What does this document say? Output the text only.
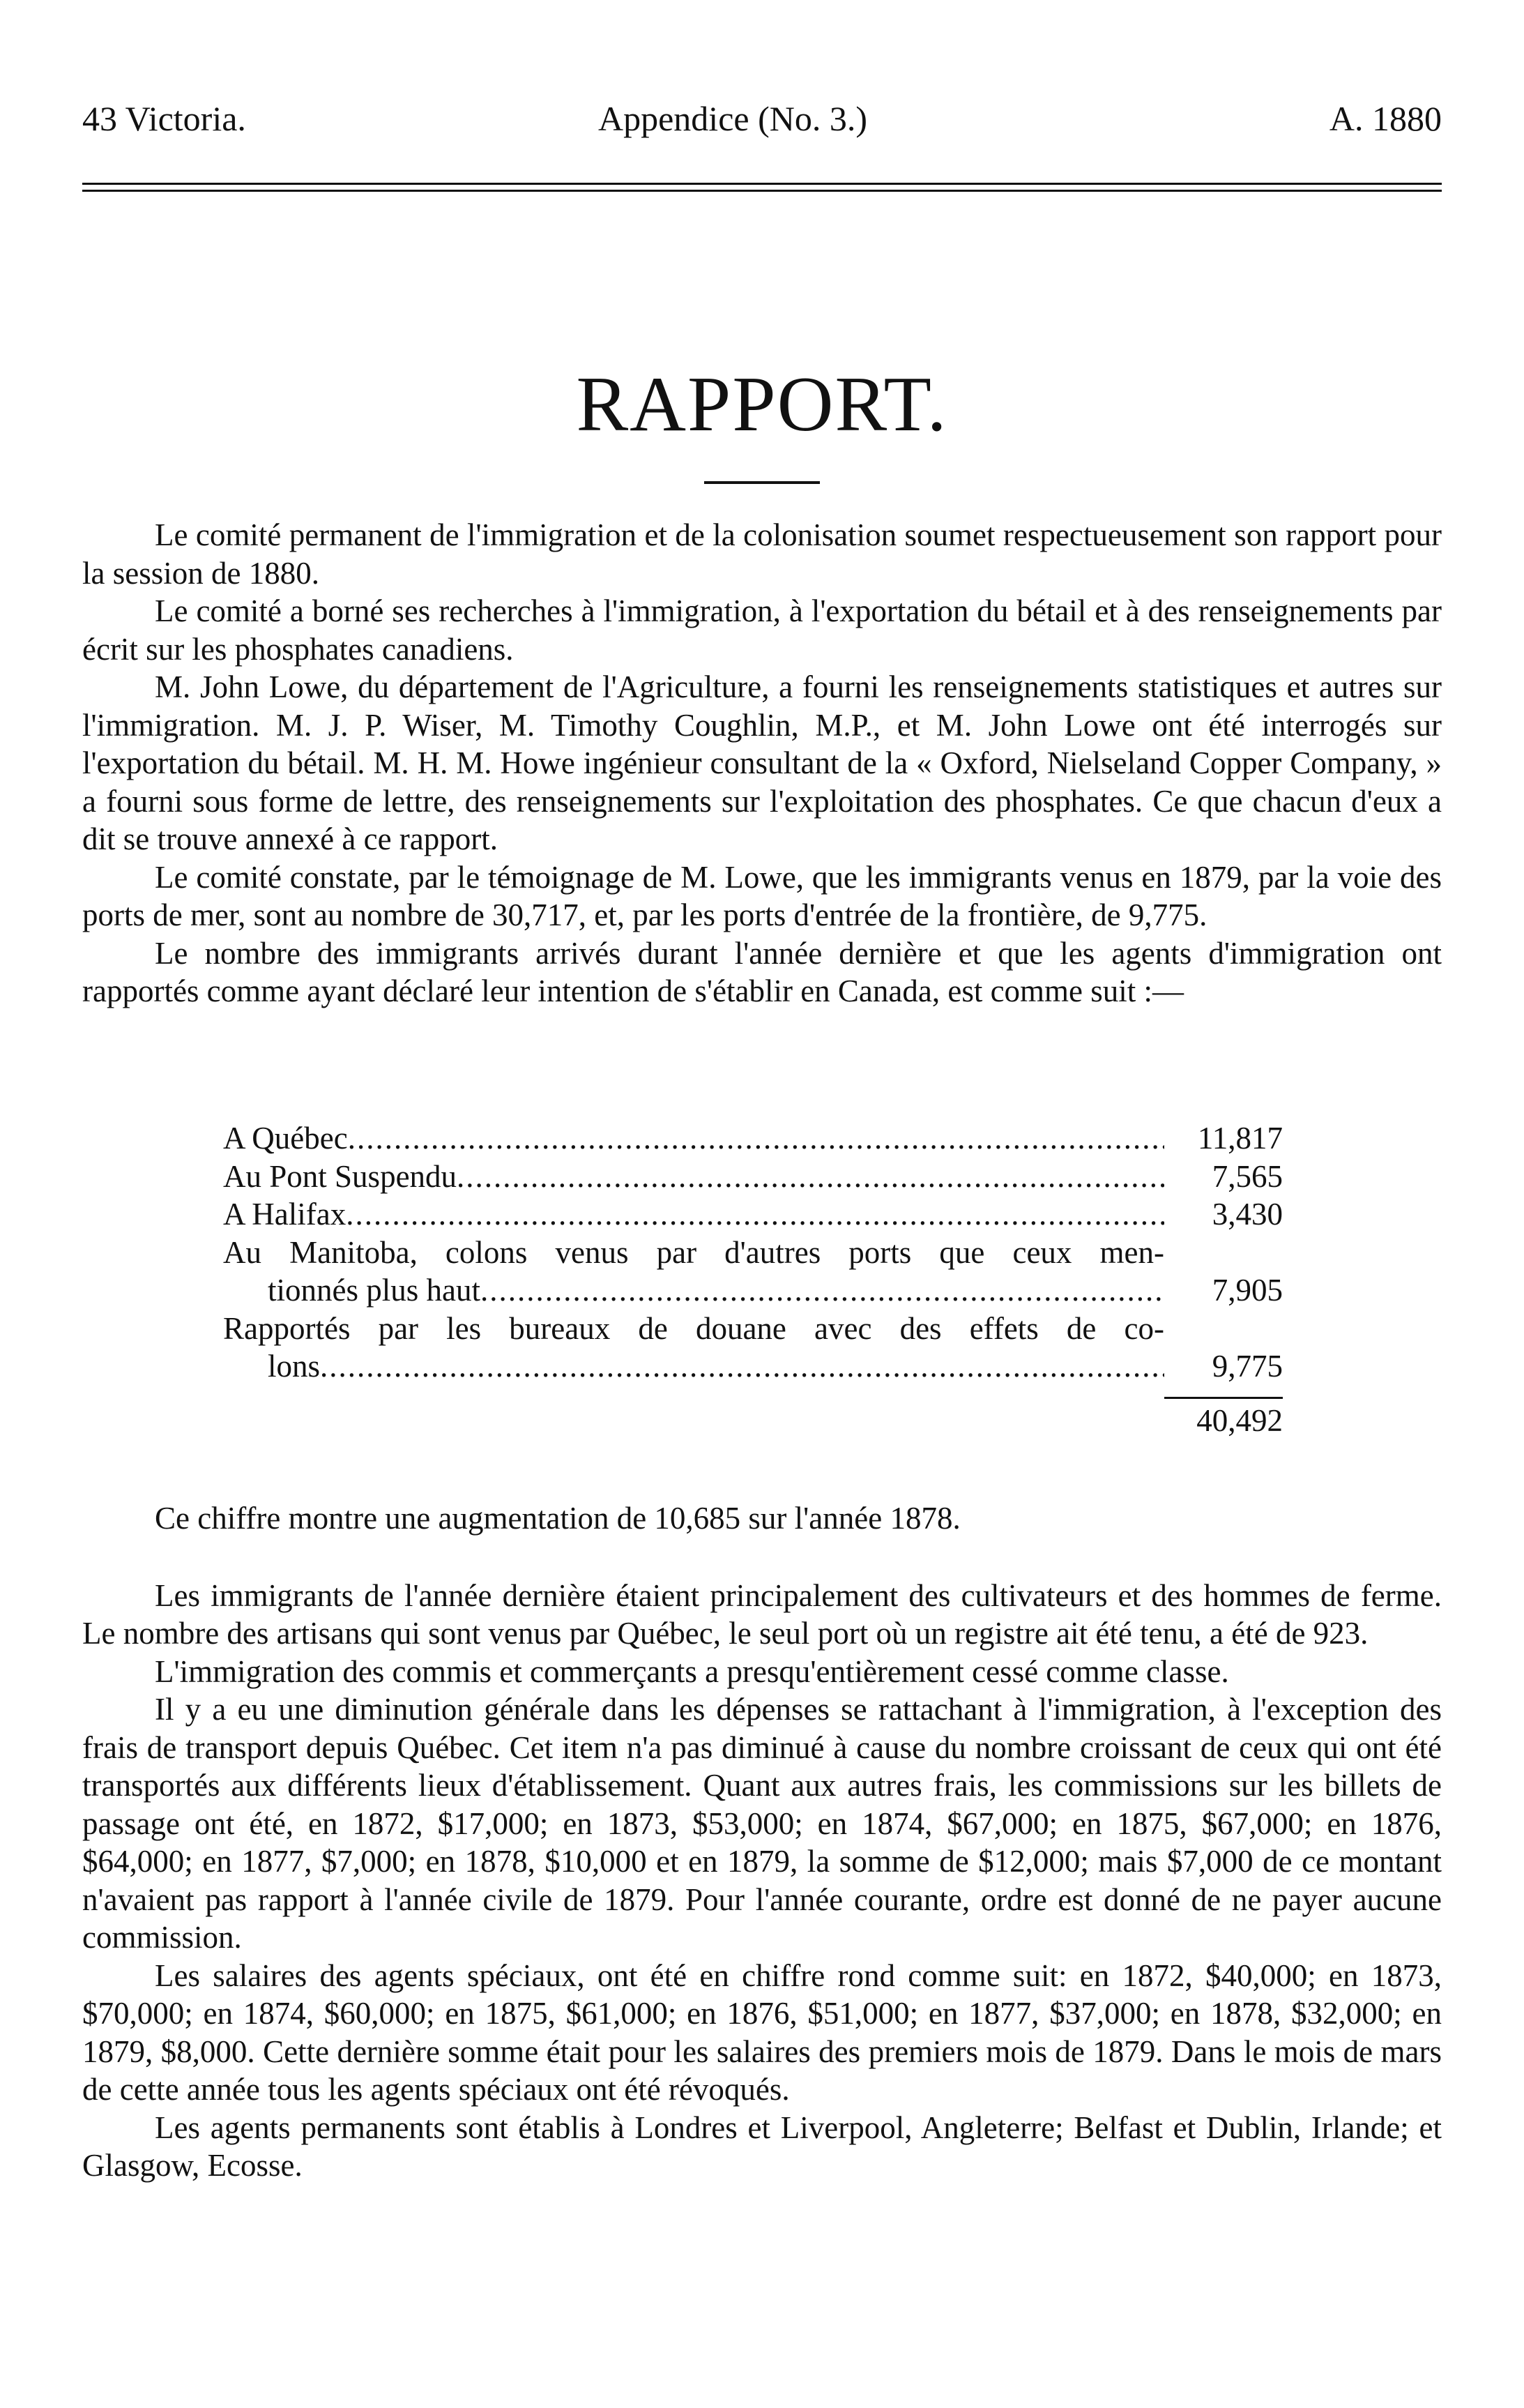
43 Victoria.	Appendice (No. 3.)	A. 1880
RAPPORT.

Le comité permanent de l'immigration et de la colonisation soumet respectueusement son rapport pour la session de 1880.

Le comité a borné ses recherches à l'immigration, à l'exportation du bétail et à des renseignements par écrit sur les phosphates canadiens.

M. John Lowe, du département de l'Agriculture, a fourni les renseignements statistiques et autres sur l'immigration. M. J. P. Wiser, M. Timothy Coughlin, M.P., et M. John Lowe ont été interrogés sur l'exportation du bétail. M. H. M. Howe ingénieur consultant de la « Oxford, Nielseland Copper Company, » a fourni sous forme de lettre, des renseignements sur l'exploitation des phosphates. Ce que chacun d'eux a dit se trouve annexé à ce rapport.

Le comité constate, par le témoignage de M. Lowe, que les immigrants venus en 1879, par la voie des ports de mer, sont au nombre de 30,717, et, par les ports d'entrée de la frontière, de 9,775.

Le nombre des immigrants arrivés durant l'année dernière et que les agents d'immigration ont rapportés comme ayant déclaré leur intention de s'établir en Canada, est comme suit :—

A Québec .....	11,817
Au Pont Suspendu .....	7,565
A Halifax .....	3,430
Au Manitoba, colons venus par d'autres ports que ceux men-
tionnés plus haut .....	7,905
Rapportés par les bureaux de douane avec des effets de co-
lons .....	9,775
40,492

Ce chiffre montre une augmentation de 10,685 sur l'année 1878.

Les immigrants de l'année dernière étaient principalement des cultivateurs et des hommes de ferme. Le nombre des artisans qui sont venus par Québec, le seul port où un registre ait été tenu, a été de 923.

L'immigration des commis et commerçants a presqu'entièrement cessé comme classe.

Il y a eu une diminution générale dans les dépenses se rattachant à l'immigration, à l'exception des frais de transport depuis Québec. Cet item n'a pas diminué à cause du nombre croissant de ceux qui ont été transportés aux différents lieux d'établissement. Quant aux autres frais, les commissions sur les billets de passage ont été, en 1872, $17,000; en 1873, $53,000; en 1874, $67,000; en 1875, $67,000; en 1876, $64,000; en 1877, $7,000; en 1878, $10,000 et en 1879, la somme de $12,000; mais $7,000 de ce montant n'avaient pas rapport à l'année civile de 1879. Pour l'année courante, ordre est donné de ne payer aucune commission.

Les salaires des agents spéciaux, ont été en chiffre rond comme suit: en 1872, $40,000; en 1873, $70,000; en 1874, $60,000; en 1875, $61,000; en 1876, $51,000; en 1877, $37,000; en 1878, $32,000; en 1879, $8,000. Cette dernière somme était pour les salaires des premiers mois de 1879. Dans le mois de mars de cette année tous les agents spéciaux ont été révoqués.

Les agents permanents sont établis à Londres et Liverpool, Angleterre; Belfast et Dublin, Irlande; et Glasgow, Ecosse.
